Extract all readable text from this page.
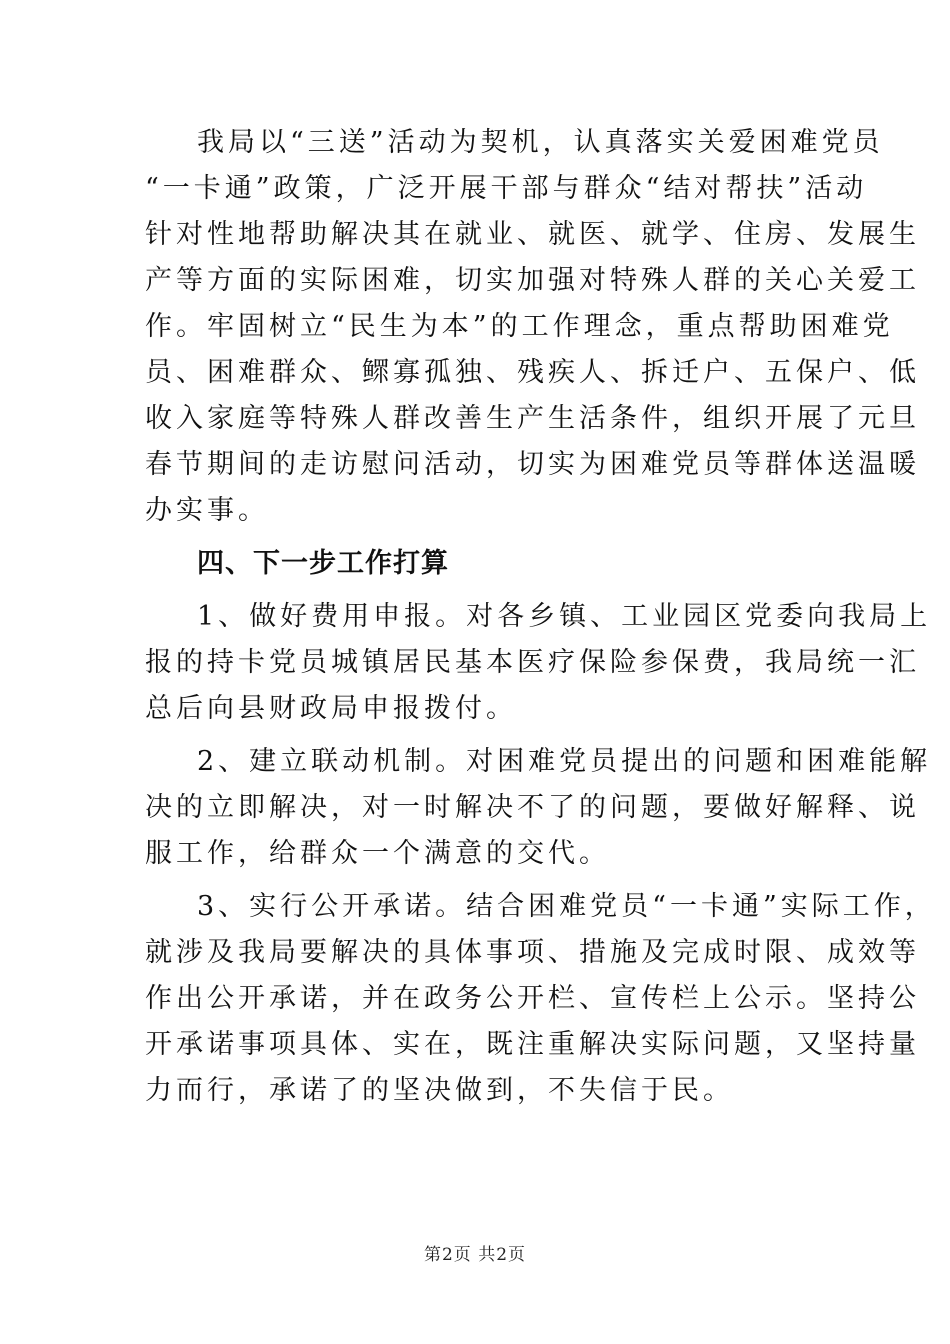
我局以“三送”活动为契机，认真落实关爱困难党员
“一卡通”政策，广泛开展干部与群众“结对帮扶”活动
针对性地帮助解决其在就业、就医、就学、住房、发展生
产等方面的实际困难，切实加强对特殊人群的关心关爱工
作。牢固树立“民生为本”的工作理念，重点帮助困难党
员、困难群众、鳏寡孤独、残疾人、拆迁户、五保户、低
收入家庭等特殊人群改善生产生活条件，组织开展了元旦
春节期间的走访慰问活动，切实为困难党员等群体送温暖
办实事。
四、下一步工作打算
1、做好费用申报。对各乡镇、工业园区党委向我局上
报的持卡党员城镇居民基本医疗保险参保费，我局统一汇
总后向县财政局申报拨付。
2、建立联动机制。对困难党员提出的问题和困难能解
决的立即解决，对一时解决不了的问题，要做好解释、说
服工作，给群众一个满意的交代。
3、实行公开承诺。结合困难党员“一卡通”实际工作，
就涉及我局要解决的具体事项、措施及完成时限、成效等
作出公开承诺，并在政务公开栏、宣传栏上公示。坚持公
开承诺事项具体、实在，既注重解决实际问题，又坚持量
力而行，承诺了的坚决做到，不失信于民。
第2页 共2页
